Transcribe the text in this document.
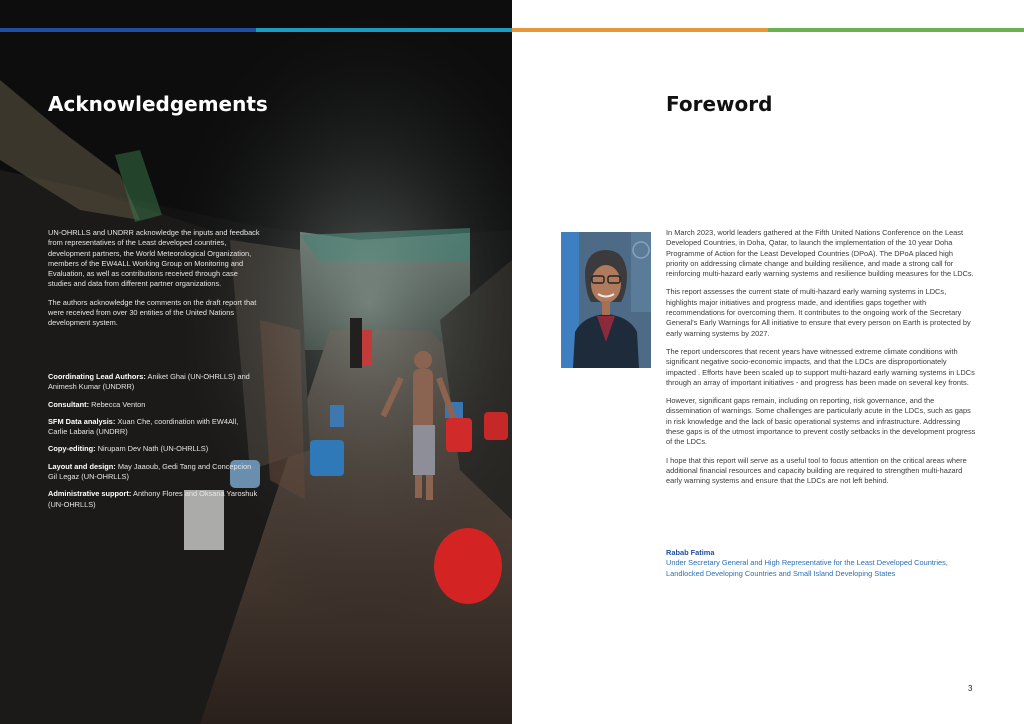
Acknowledgements

UN-OHRLLS and UNDRR acknowledge the inputs and feedback from representatives of the Least developed countries, development partners, the World Meteorological Organization, members of the EW4ALL Working Group on Monitoring and Evaluation, as well as contributions received through case studies and data from different partner organizations.

The authors acknowledge the comments on the draft report that were received from over 30 entities of the United Nations development system.

Coordinating Lead Authors: Aniket Ghai (UN-OHRLLS) and Animesh Kumar (UNDRR)
Consultant: Rebecca Venton
SFM Data analysis: Xuan Che, coordination with EW4All, Carlie Labaria (UNDRR)
Copy-editing: Nirupam Dev Nath (UN-OHRLLS)
Layout and design: May Jaaoub, Gedi Tang and Concepcion Gil Legaz (UN-OHRLLS)
Administrative support: Anthony Flores and Oksana Yaroshuk (UN-OHRLLS)
Foreword

In March 2023, world leaders gathered at the Fifth United Nations Conference on the Least Developed Countries, in Doha, Qatar, to launch the implementation of the 10 year Doha Programme of Action for the Least Developed Countries (DPoA). The DPoA placed high priority on addressing climate change and building resilience, and made a strong call for reinforcing multi-hazard early warning systems and resilience building measures for the LDCs.

This report assesses the current state of multi-hazard early warning systems in LDCs, highlights major initiatives and progress made, and identifies gaps together with recommendations for overcoming them. It contributes to the ongoing work of the Secretary General's Early Warnings for All initiative to ensure that every person on Earth is protected by early warning systems by 2027.

The report underscores that recent years have witnessed extreme climate conditions with significant negative socio-economic impacts, and that the LDCs are disproportionately impacted . Efforts have been scaled up to support multi-hazard early warning systems in LDCs through an array of important initiatives - and progress has been made on several key fronts.

However, significant gaps remain, including on reporting, risk governance, and the dissemination of warnings. Some challenges are particularly acute in the LDCs, such as gaps in risk knowledge and the lack of basic operational systems and infrastructure. Addressing these gaps is of the utmost importance to prevent costly setbacks in the development progress of the LDCs.

I hope that this report will serve as a useful tool to focus attention on the critical areas where additional financial resources and capacity building are required to strengthen multi-hazard early warning systems and ensure that the LDCs are not left behind.

Rabab Fatima
Under Secretary General and High Representative for the Least Developed Countries,
Landlocked Developing Countries and Small Island Developing States
3
